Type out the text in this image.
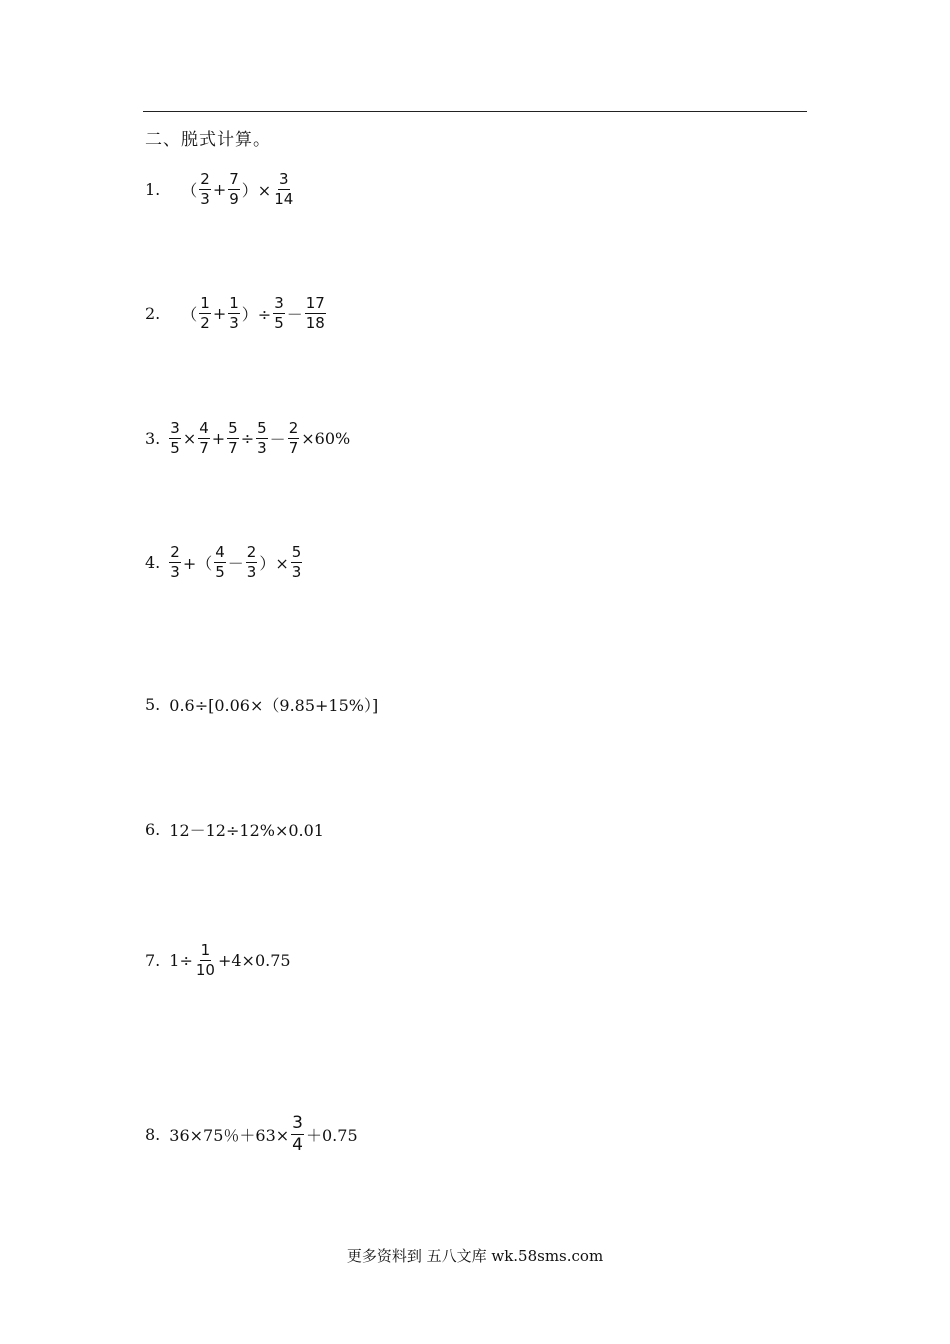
二、脱式计算。
1. （ $\frac{2}{3} + \frac{7}{9}$ ）× $\frac{3}{14}$
2. （ $\frac{1}{2} + \frac{1}{3}$ ）÷ $\frac{3}{5} - \frac{17}{18}$
3. $\frac{3}{5} \times \frac{4}{7} + \frac{5}{7} \div \frac{5}{3} - \frac{2}{7} \times 60\%$
4. $\frac{2}{3}$ +（ $\frac{4}{5} - \frac{2}{3}$ ）× $\frac{5}{3}$
5. 0.6÷[0.06×（9.85+15%）]
6. 12－12÷12%×0.01
7. $1\div \frac{1}{10} +4\times 0.75$
8. 36×75％$+63\times \frac{3}{4} +0.75$
更多资料到 五八文库 wk.58sms.com
